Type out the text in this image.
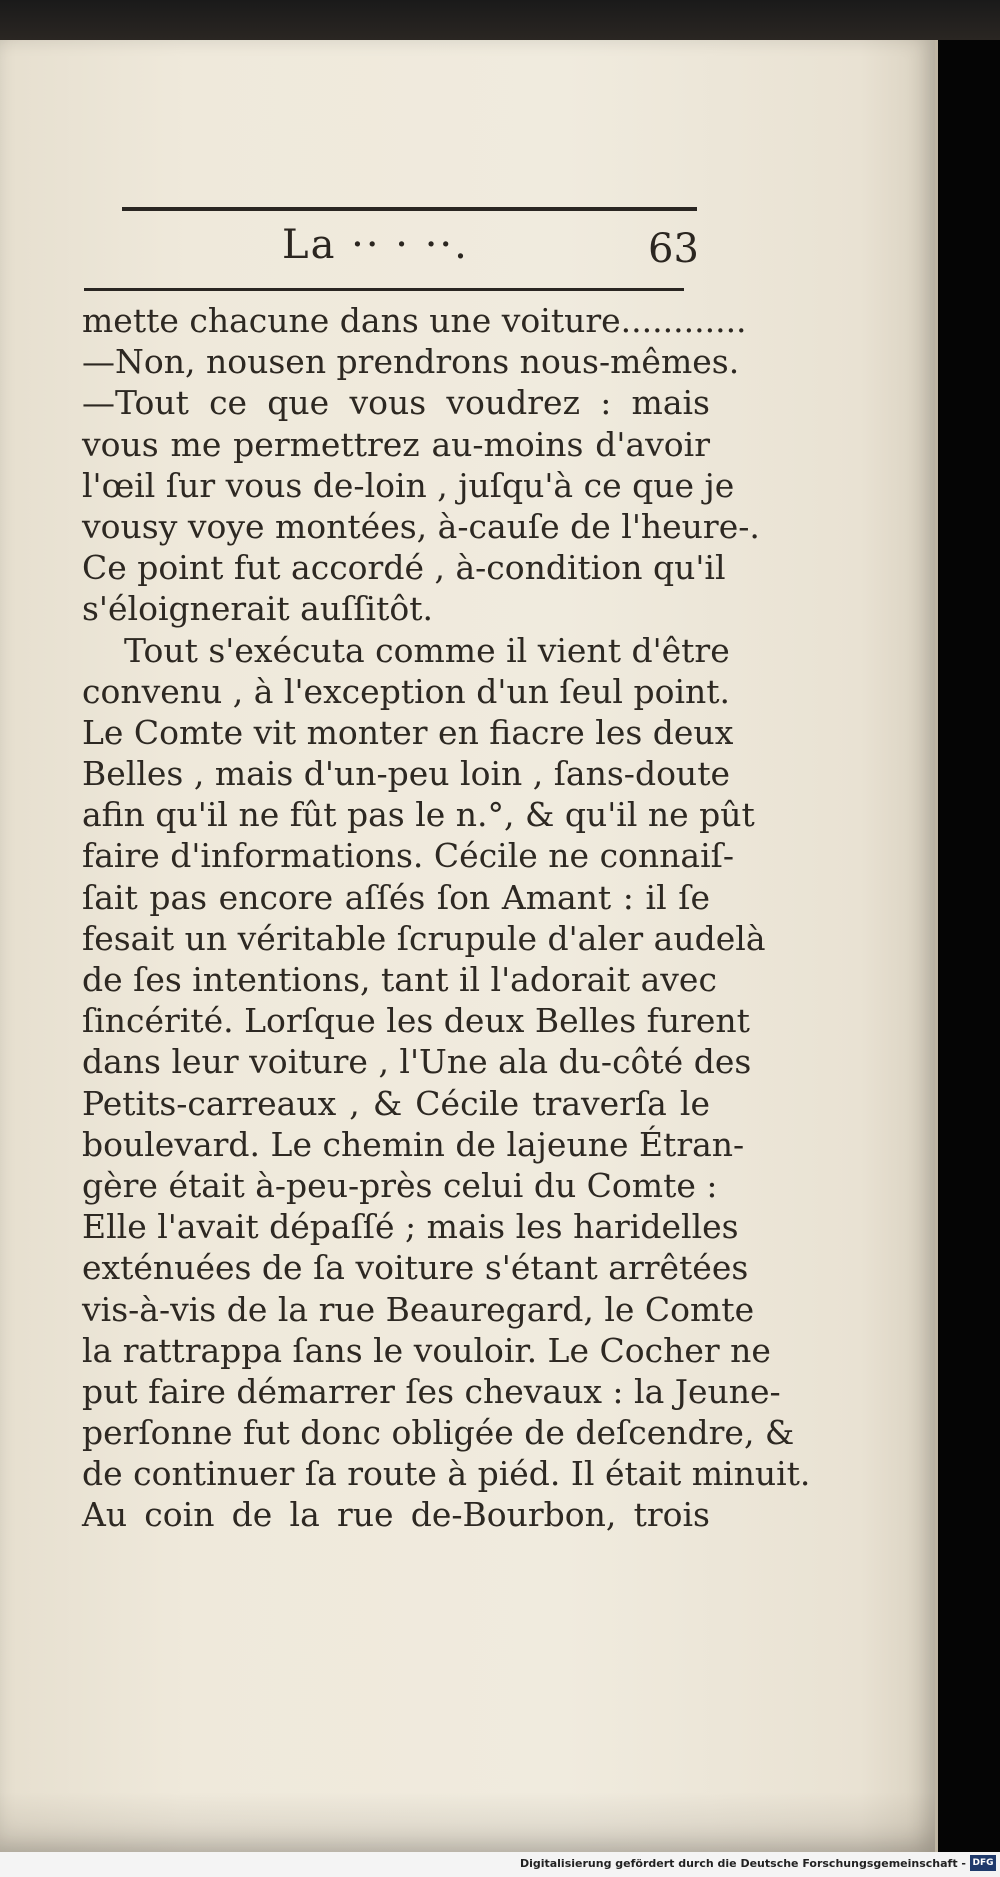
La ·· · ··.	63
mette chacune dans une voiture............
—Non, nousen prendrons nous-mêmes.
—Tout ce que vous voudrez : mais
vous me permettrez au-moins d'avoir
l'œil ſur vous de-loin , juſqu'à ce que je
vousy voye montées, à-cauſe de l'heure-.
Ce point fut accordé , à-condition qu'il
s'éloignerait auſſitôt.
Tout s'exécuta comme il vient d'être
convenu , à l'exception d'un ſeul point.
Le Comte vit monter en fiacre les deux
Belles , mais d'un-peu loin , ſans-doute
afin qu'il ne fût pas le n.°, & qu'il ne pût
faire d'informations. Cécile ne connaiſ-
ſait pas encore aſſés ſon Amant : il ſe
fesait un véritable ſcrupule d'aler audelà
de ſes intentions, tant il l'adorait avec
ſincérité. Lorſque les deux Belles furent
dans leur voiture , l'Une ala du-côté des
Petits-carreaux , & Cécile traverſa le
boulevard. Le chemin de lajeune Étran-
gère était à-peu-près celui du Comte :
Elle l'avait dépaſſé ; mais les haridelles
exténuées de ſa voiture s'étant arrêtées
vis-à-vis de la rue Beauregard, le Comte
la rattrappa ſans le vouloir. Le Cocher ne
put faire démarrer ſes chevaux : la Jeune-
perſonne fut donc obligée de deſcendre, &
de continuer ſa route à piéd. Il était minuit.
Au coin de la rue de-Bourbon, trois
Digitalisierung gefördert durch die Deutsche Forschungsgemeinschaft - DFG
